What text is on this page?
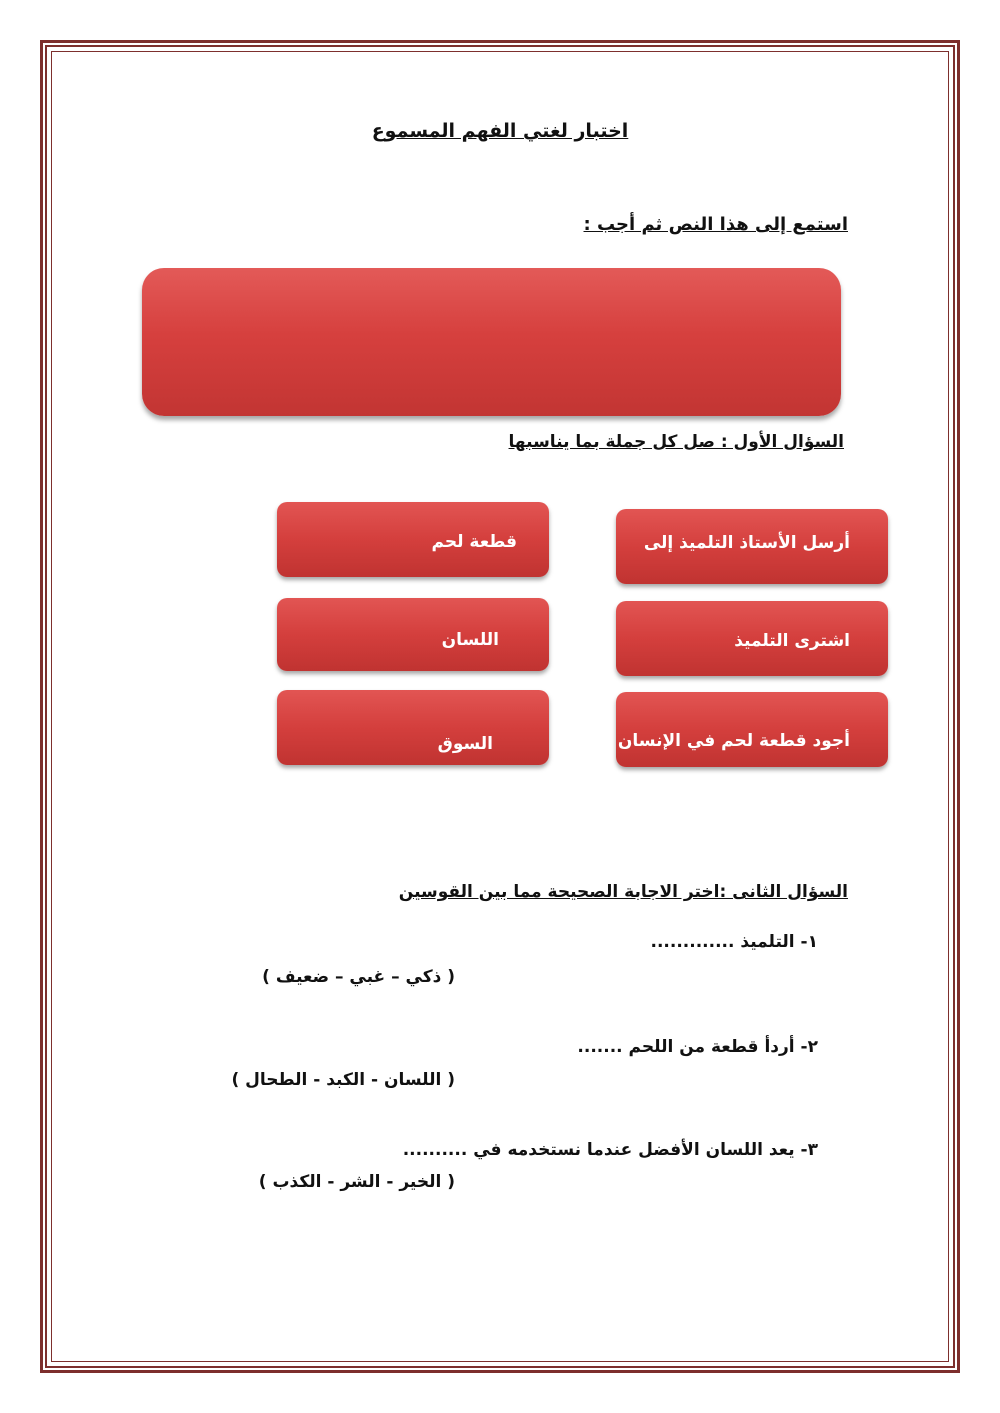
اختبار لغتي الفهم المسموع
استمع إلى هذا النص ثم أجب :
السؤال الأول : صل كل جملة بما يناسبها
أرسل الأستاذ التلميذ إلى
اشترى التلميذ
أجود قطعة لحم في الإنسان
قطعة لحم
اللسان
السوق
السؤال الثانى :اختر الاجابة الصحيحة مما بين القوسين
١- التلميذ .............
( ذكي – غبي – ضعيف )
٢- أردأ قطعة من اللحم .......
( اللسان - الكبد - الطحال )
٣- يعد اللسان الأفضل عندما نستخدمه في ..........
( الخير - الشر - الكذب )
